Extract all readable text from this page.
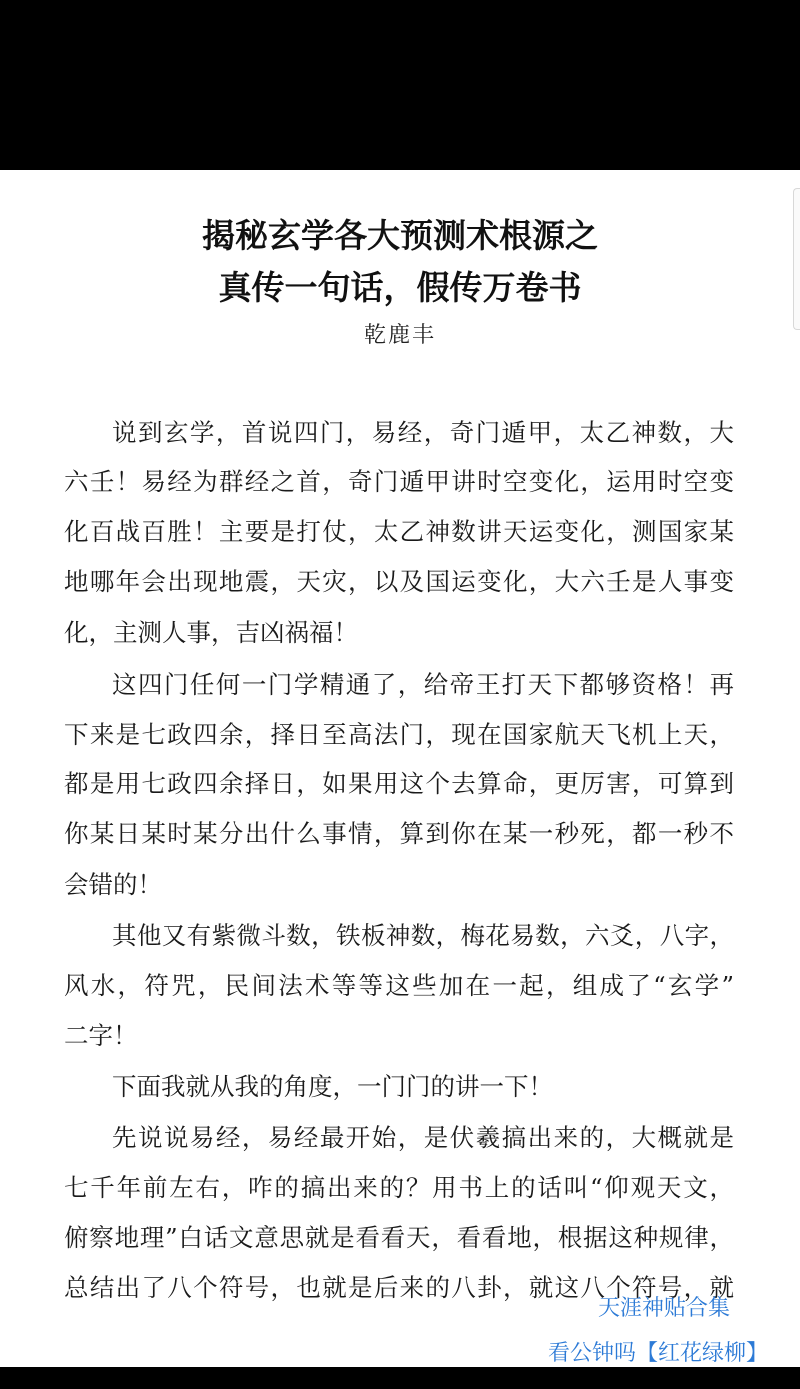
揭秘玄学各大预测术根源之
真传一句话，假传万卷书
乾鹿丰
说到玄学，首说四门，易经，奇门遁甲，太乙神数，大
六壬！易经为群经之首，奇门遁甲讲时空变化，运用时空变
化百战百胜！主要是打仗，太乙神数讲天运变化，测国家某
地哪年会出现地震，天灾，以及国运变化，大六壬是人事变
化，主测人事，吉凶祸福！
这四门任何一门学精通了，给帝王打天下都够资格！再
下来是七政四余，择日至高法门，现在国家航天飞机上天，
都是用七政四余择日，如果用这个去算命，更厉害，可算到
你某日某时某分出什么事情，算到你在某一秒死，都一秒不
会错的！
其他又有紫微斗数，铁板神数，梅花易数，六爻，八字，
风水，符咒，民间法术等等这些加在一起，组成了“玄学”
二字！
下面我就从我的角度，一门门的讲一下！
先说说易经，易经最开始，是伏羲搞出来的，大概就是
七千年前左右，咋的搞出来的？用书上的话叫“仰观天文，
俯察地理”白话文意思就是看看天，看看地，根据这种规律，
总结出了八个符号，也就是后来的八卦，就这八个符号，就
天涯神贴合集
看公钟吗【红花绿柳】
